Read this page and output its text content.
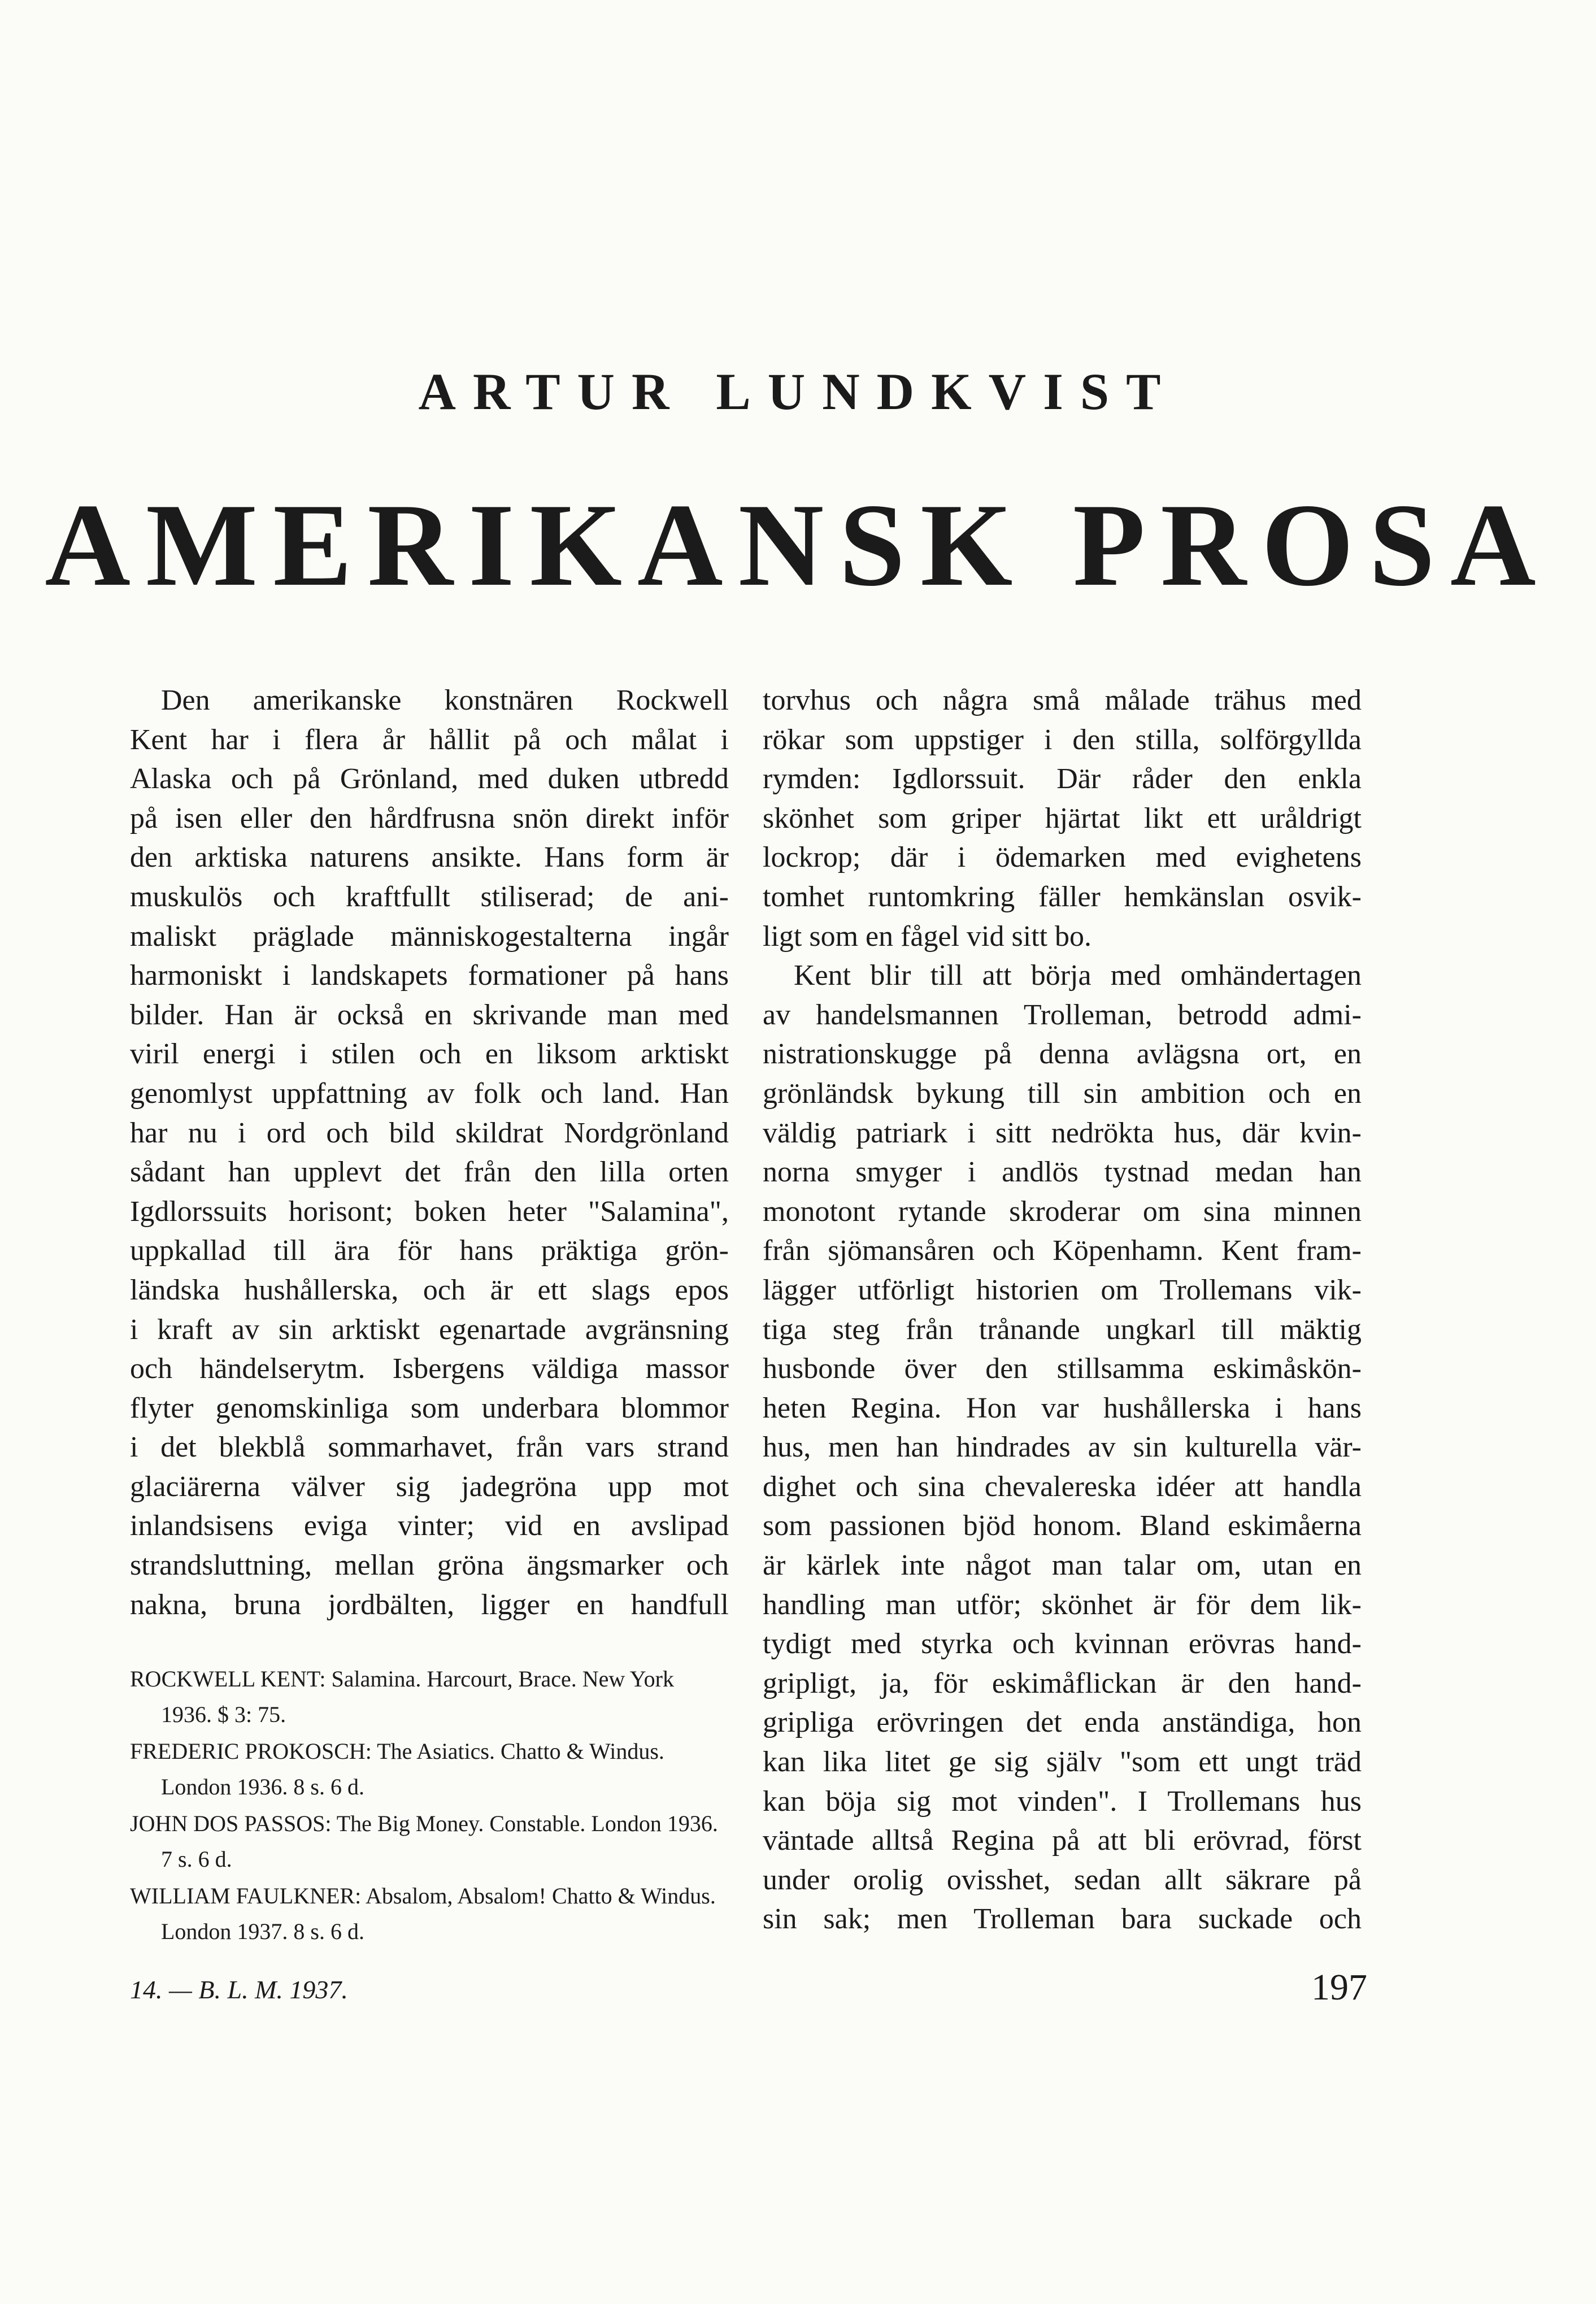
ARTUR LUNDKVIST
AMERIKANSK PROSA

Den amerikanske konstnären Rockwell

Kent har i flera år hållit på och målat i

Alaska och på Grönland, med duken utbredd

på isen eller den hårdfrusna snön direkt inför

den arktiska naturens ansikte. Hans form är

muskulös och kraftfullt stiliserad; de ani-

maliskt präglade människogestalterna ingår

harmoniskt i landskapets formationer på hans

bilder. Han är också en skrivande man med

viril energi i stilen och en liksom arktiskt

genomlyst uppfattning av folk och land. Han

har nu i ord och bild skildrat Nordgrönland

sådant han upplevt det från den lilla orten

Igdlorssuits horisont; boken heter "Salamina",

uppkallad till ära för hans präktiga grön-

ländska hushållerska, och är ett slags epos

i kraft av sin arktiskt egenartade avgränsning

och händelserytm. Isbergens väldiga massor

flyter genomskinliga som underbara blommor

i det blekblå sommarhavet, från vars strand

glaciärerna välver sig jadegröna upp mot

inlandsisens eviga vinter; vid en avslipad

strandsluttning, mellan gröna ängsmarker och

nakna, bruna jordbälten, ligger en handfull

ROCKWELL KENT: Salamina. Harcourt, Brace. New York 1936. $ 3: 75.

FREDERIC PROKOSCH: The Asiatics. Chatto & Windus. London 1936. 8 s. 6 d.

JOHN DOS PASSOS: The Big Money. Constable. London 1936. 7 s. 6 d.

WILLIAM FAULKNER: Absalom, Absalom! Chatto & Windus. London 1937. 8 s. 6 d.

torvhus och några små målade trähus med

rökar som uppstiger i den stilla, solförgyllda

rymden: Igdlorssuit. Där råder den enkla

skönhet som griper hjärtat likt ett uråldrigt

lockrop; där i ödemarken med evighetens

tomhet runtomkring fäller hemkänslan osvik-

ligt som en fågel vid sitt bo.

Kent blir till att börja med omhändertagen

av handelsmannen Trolleman, betrodd admi-

nistrationskugge på denna avlägsna ort, en

grönländsk bykung till sin ambition och en

väldig patriark i sitt nedrökta hus, där kvin-

norna smyger i andlös tystnad medan han

monotont rytande skroderar om sina minnen

från sjömansåren och Köpenhamn. Kent fram-

lägger utförligt historien om Trollemans vik-

tiga steg från trånande ungkarl till mäktig

husbonde över den stillsamma eskimåskön-

heten Regina. Hon var hushållerska i hans

hus, men han hindrades av sin kulturella vär-

dighet och sina chevalereska idéer att handla

som passionen bjöd honom. Bland eskimåerna

är kärlek inte något man talar om, utan en

handling man utför; skönhet är för dem lik-

tydigt med styrka och kvinnan erövras hand-

gripligt, ja, för eskimåflickan är den hand-

gripliga erövringen det enda anständiga, hon

kan lika litet ge sig själv "som ett ungt träd

kan böja sig mot vinden". I Trollemans hus

väntade alltså Regina på att bli erövrad, först

under orolig ovisshet, sedan allt säkrare på

sin sak; men Trolleman bara suckade och

14. — B. L. M. 1937.	197
